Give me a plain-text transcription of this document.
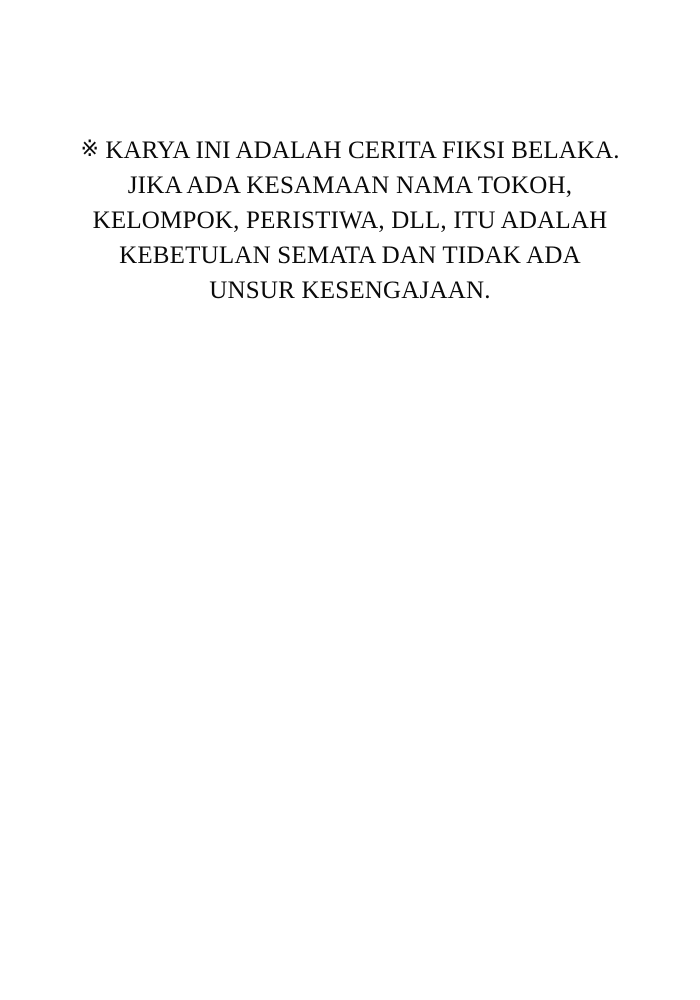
※ KARYA INI ADALAH CERITA FIKSI BELAKA.
JIKA ADA KESAMAAN NAMA TOKOH,
KELOMPOK, PERISTIWA, DLL, ITU ADALAH
KEBETULAN SEMATA DAN TIDAK ADA
UNSUR KESENGAJAAN.
